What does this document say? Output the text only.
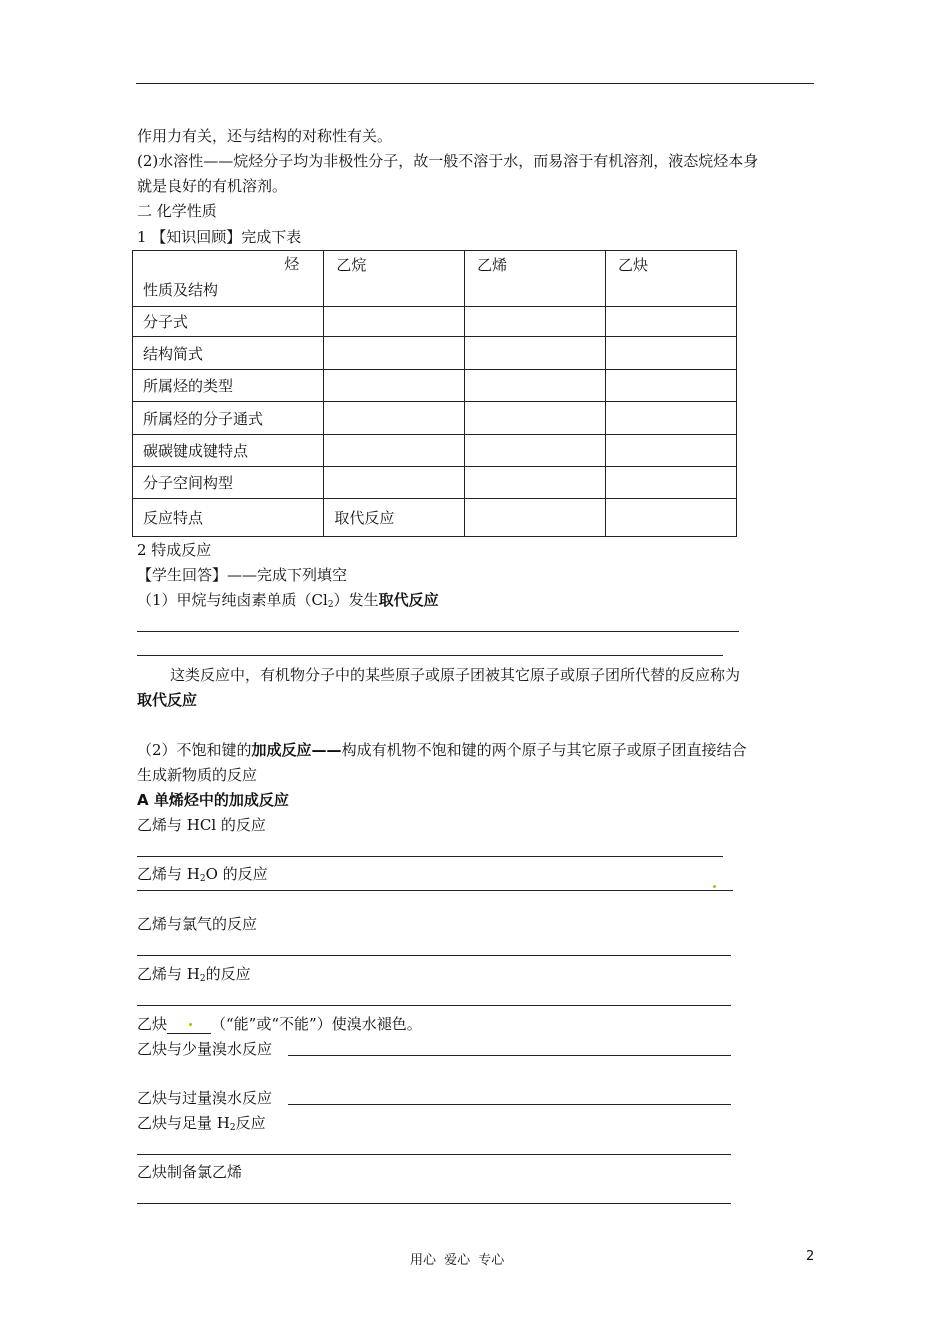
作用力有关，还与结构的对称性有关。
(2)水溶性——烷烃分子均为非极性分子，故一般不溶于水，而易溶于有机溶剂，液态烷烃本身
就是良好的有机溶剂。
二 化学性质
1 【知识回顾】完成下表
烃
性质及结构	乙烷	乙烯	乙炔
分子式			
结构简式			
所属烃的类型			
所属烃的分子通式			
碳碳键成键特点			
分子空间构型			
反应特点	取代反应		
2 特成反应
【学生回答】——完成下列填空
（1）甲烷与纯卤素单质$(Cl_2)$发生取代反应
这类反应中，有机物分子中的某些原子或原子团被其它原子或原子团所代替的反应称为
取代反应
（2）不饱和键的加成反应——构成有机物不饱和键的两个原子与其它原子或原子团直接结合
生成新物质的反应
A 单烯烃中的加成反应
乙烯与 HCl 的反应
乙烯与 $H_2O$ 的反应
乙烯与氯气的反应
乙烯与 $H_2$的反应
乙炔	（“能”或“不能”）使溴水褪色。
乙炔与少量溴水反应
乙炔与过量溴水反应
乙炔与足量 $H_2$反应
乙炔制备氯乙烯
用心 爱心 专心	2
